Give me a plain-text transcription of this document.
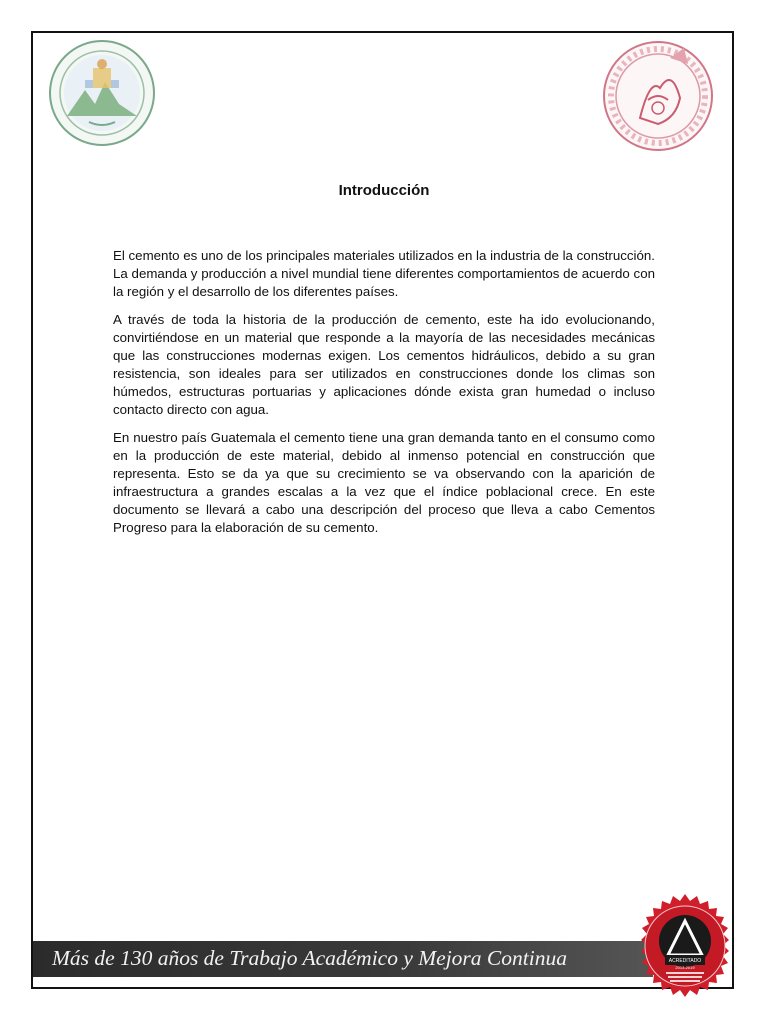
Introducción

El cemento es uno de los principales materiales utilizados en la industria de la construcción. La demanda y producción a nivel mundial tiene diferentes comportamientos de acuerdo con la región y el desarrollo de los diferentes países.

A través de toda la historia de la producción de cemento, este ha ido evolucionando, convirtiéndose en un material que responde a la mayoría de las necesidades mecánicas que las construcciones modernas exigen. Los cementos hidráulicos, debido a su gran resistencia, son ideales para ser utilizados en construcciones donde los climas son húmedos, estructuras portuarias y aplicaciones dónde exista gran humedad o incluso contacto directo con agua.

En nuestro país Guatemala el cemento tiene una gran demanda tanto en el consumo como en la producción de este material, debido al inmenso potencial en construcción que representa. Esto se da ya que su crecimiento se va observando con la aparición de infraestructura a grandes escalas a la vez que el índice poblacional crece. En este documento se llevará a cabo una descripción del proceso que lleva a cabo Cementos Progreso para la elaboración de su cemento.

Más de 130 años de Trabajo Académico y Mejora Continua	ACREDITADO
2013-2019
